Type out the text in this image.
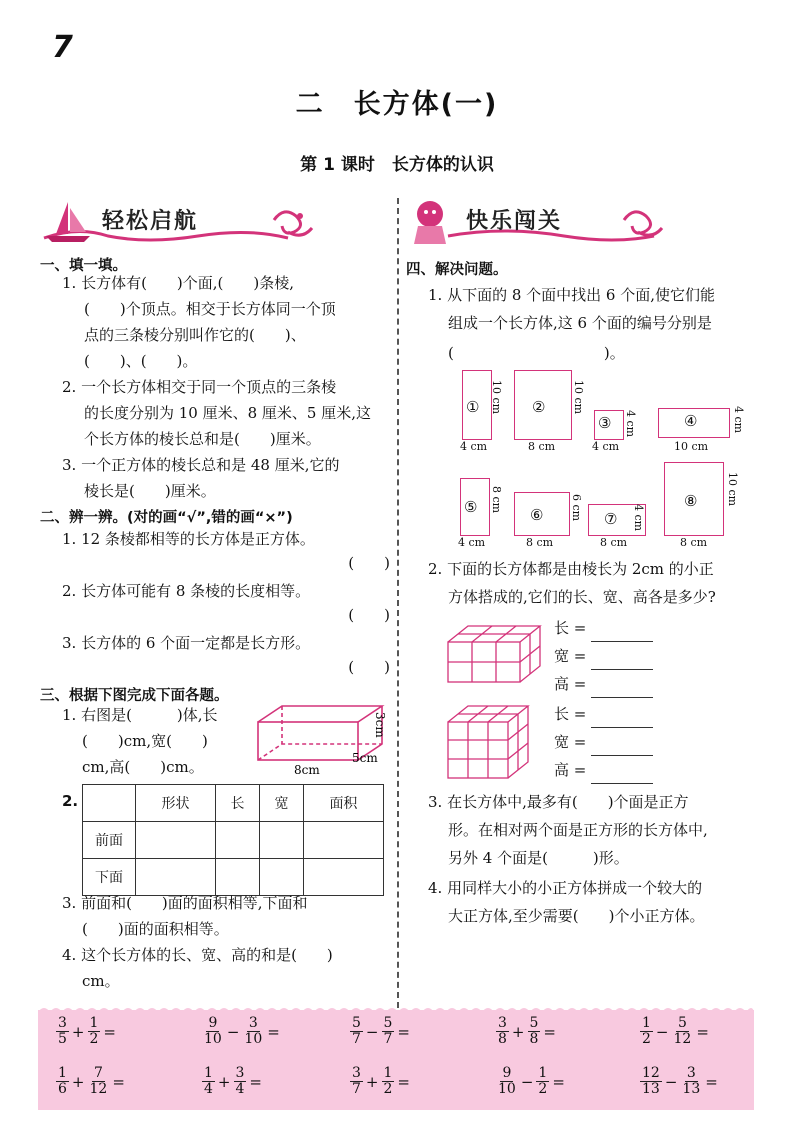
7
二　长方体(一)
第 1 课时　长方体的认识
轻松启航	快乐闯关
一、填一填。
1. 长方体有(　　)个面,(　　)条棱,
(　　)个顶点。相交于长方体同一个顶
点的三条棱分别叫作它的(　　)、
(　　)、(　　)。
2. 一个长方体相交于同一个顶点的三条棱
的长度分别为 10 厘米、8 厘米、5 厘米,这
个长方体的棱长总和是(　　)厘米。
3. 一个正方体的棱长总和是 48 厘米,它的
棱长是(　　)厘米。
二、辨一辨。(对的画“√”,错的画“×”)
1. 12 条棱都相等的长方体是正方体。
(　　)
2. 长方体可能有 8 条棱的长度相等。
(　　)
3. 长方体的 6 个面一定都是长方形。
(　　)
三、根据下图完成下面各题。
1. 右图是(　　　)体,长
(　　)cm,宽(　　)
cm,高(　　)cm。	8cm
5cm
3cm
2.
		形状	长	宽	面积
前面				
下面				
3. 前面和(　　)面的面积相等,下面和
(　　)面的面积相等。
4. 这个长方体的长、宽、高的和是(　　)
cm。
四、解决问题。
1. 从下面的 8 个面中找出 6 个面,使它们能
组成一个长方体,这 6 个面的编号分别是
(　　　　　　　　　　)。
① 10 cm
4 cm
② 10 cm
8 cm
③ 4 cm
4 cm
④	4 cm
10 cm
⑤ 8 cm
4 cm
⑥ 6 cm
8 cm
⑦ 4 cm
8 cm
⑧	10 cm
8 cm
2. 下面的长方体都是由棱长为 2cm 的小正
方体搭成的,它们的长、宽、高各是多少?
长 =
宽 =
高 =
长 =
宽 =
高 =
3. 在长方体中,最多有(　　)个面是正方
形。在相对两个面是正方形的长方体中,
另外 4 个面是(　　　)形。
4. 用同样大小的小正方体拼成一个较大的
大正方体,至少需要(　　)个小正方体。
$\frac{3}{5} + \frac{1}{2}$ =	$\frac{9}{10} - \frac{3}{10}$ =	$\frac{5}{7} - \frac{5}{7}$ =	$\frac{3}{8} + \frac{5}{8}$ =	$\frac{1}{2} - \frac{5}{12}$ =
$\frac{1}{6} + \frac{7}{12}$ =	$\frac{1}{4} + \frac{3}{4}$ =	$\frac{3}{7} + \frac{1}{2}$ =	$\frac{9}{10} - \frac{1}{2}$ =	$\frac{12}{13} - \frac{3}{13}$ =
